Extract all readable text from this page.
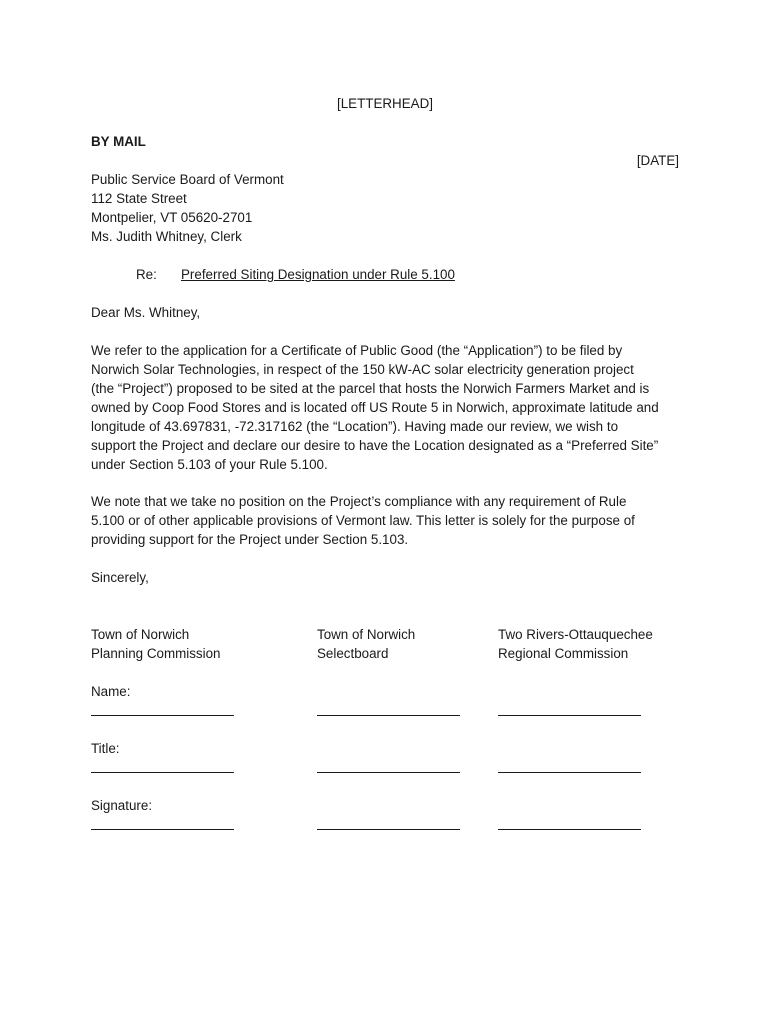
[LETTERHEAD]
BY MAIL
[DATE]
Public Service Board of Vermont
112 State Street
Montpelier, VT 05620-2701
Ms. Judith Whitney, Clerk
Re: Preferred Siting Designation under Rule 5.100
Dear Ms. Whitney,
We refer to the application for a Certificate of Public Good (the “Application”) to be filed by
Norwich Solar Technologies, in respect of the 150 kW-AC solar electricity generation project
(the “Project”) proposed to be sited at the parcel that hosts the Norwich Farmers Market and is
owned by Coop Food Stores and is located off US Route 5 in Norwich, approximate latitude and
longitude of 43.697831, -72.317162 (the “Location”). Having made our review, we wish to
support the Project and declare our desire to have the Location designated as a “Preferred Site”
under Section 5.103 of your Rule 5.100.
We note that we take no position on the Project’s compliance with any requirement of Rule
5.100 or of other applicable provisions of Vermont law. This letter is solely for the purpose of
providing support for the Project under Section 5.103.
Sincerely,
Town of Norwich
Planning Commission
Town of Norwich
Selectboard
Two Rivers-Ottauquechee
Regional Commission
Name:
Title:
Signature:
